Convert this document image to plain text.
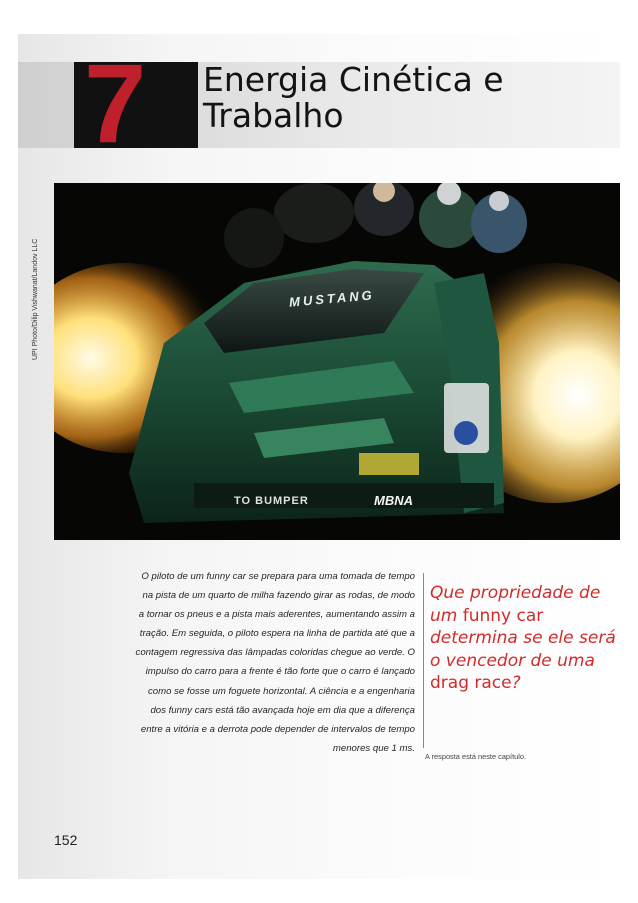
7 Energia Cinética e
Trabalho
MUSTANG
TO BUMPER	MBNA
UPI Photo/Dilip Vishwanat/Landov LLC
O piloto de um funny car se prepara para uma tomada de tempo
na pista de um quarto de milha fazendo girar as rodas, de modo
a tornar os pneus e a pista mais aderentes, aumentando assim a
tração. Em seguida, o piloto espera na linha de partida até que a
contagem regressiva das lâmpadas coloridas chegue ao verde. O
impulso do carro para a frente é tão forte que o carro é lançado
como se fosse um foguete horizontal. A ciência e a engenharia
dos funny cars está tão avançada hoje em dia que a diferença
entre a vitória e a derrota pode depender de intervalos de tempo
menores que 1 ms.
Que propriedade de um funny car determina se ele será o vencedor de uma drag race?
A resposta está neste capítulo.
152
